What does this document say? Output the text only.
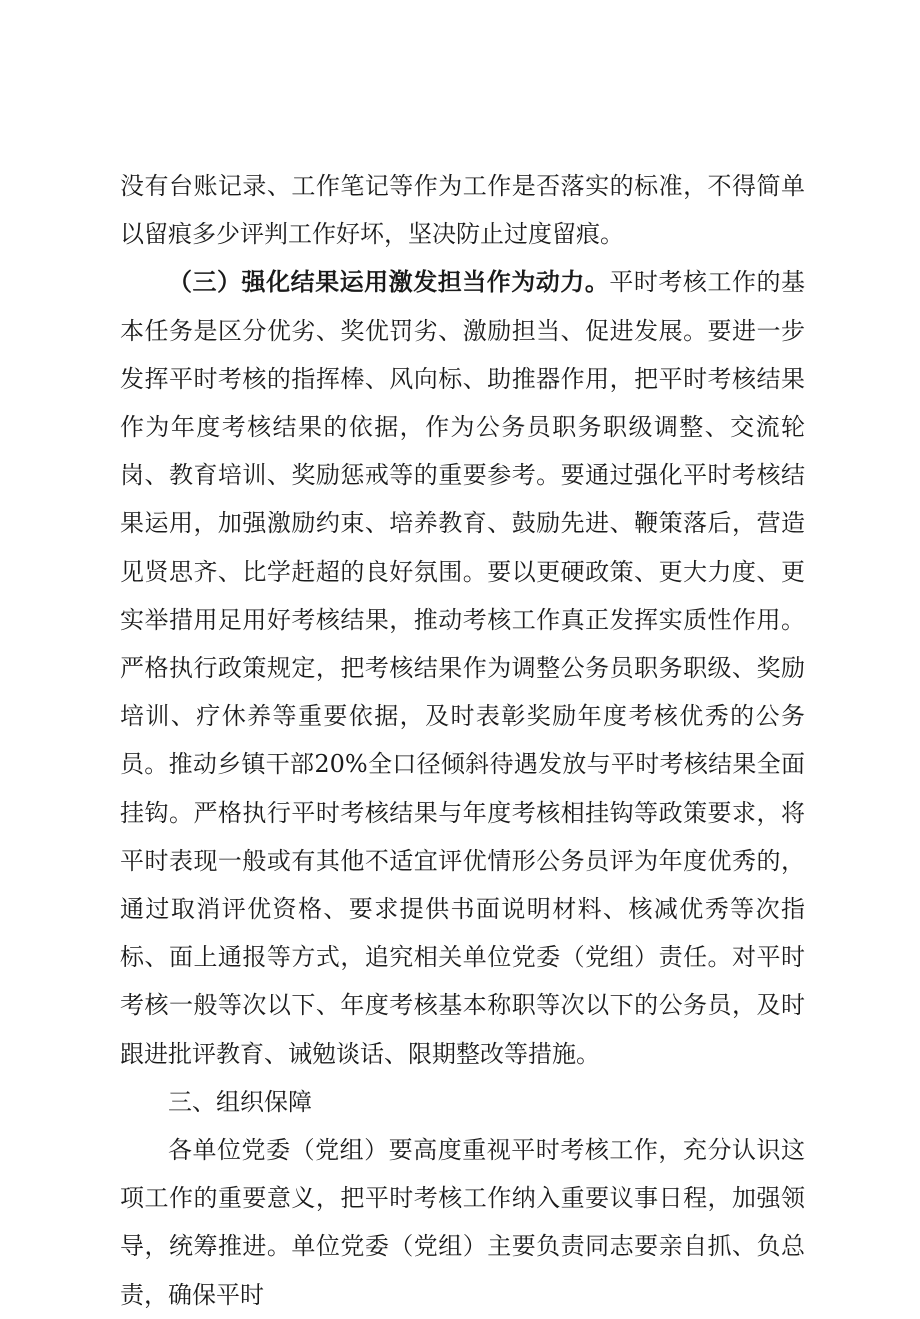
没有台账记录、工作笔记等作为工作是否落实的标准，不得简单以留痕多少评判工作好坏，坚决防止过度留痕。

（三）强化结果运用激发担当作为动力。平时考核工作的基本任务是区分优劣、奖优罚劣、激励担当、促进发展。要进一步发挥平时考核的指挥棒、风向标、助推器作用，把平时考核结果作为年度考核结果的依据，作为公务员职务职级调整、交流轮岗、教育培训、奖励惩戒等的重要参考。要通过强化平时考核结果运用，加强激励约束、培养教育、鼓励先进、鞭策落后，营造见贤思齐、比学赶超的良好氛围。要以更硬政策、更大力度、更实举措用足用好考核结果，推动考核工作真正发挥实质性作用。严格执行政策规定，把考核结果作为调整公务员职务职级、奖励培训、疗休养等重要依据，及时表彰奖励年度考核优秀的公务员。推动乡镇干部20%全口径倾斜待遇发放与平时考核结果全面挂钩。严格执行平时考核结果与年度考核相挂钩等政策要求，将平时表现一般或有其他不适宜评优情形公务员评为年度优秀的，通过取消评优资格、要求提供书面说明材料、核减优秀等次指标、面上通报等方式，追究相关单位党委（党组）责任。对平时考核一般等次以下、年度考核基本称职等次以下的公务员，及时跟进批评教育、诫勉谈话、限期整改等措施。

三、组织保障

各单位党委（党组）要高度重视平时考核工作，充分认识这项工作的重要意义，把平时考核工作纳入重要议事日程，加强领导，统筹推进。单位党委（党组）主要负责同志要亲自抓、负总责，确保平时
